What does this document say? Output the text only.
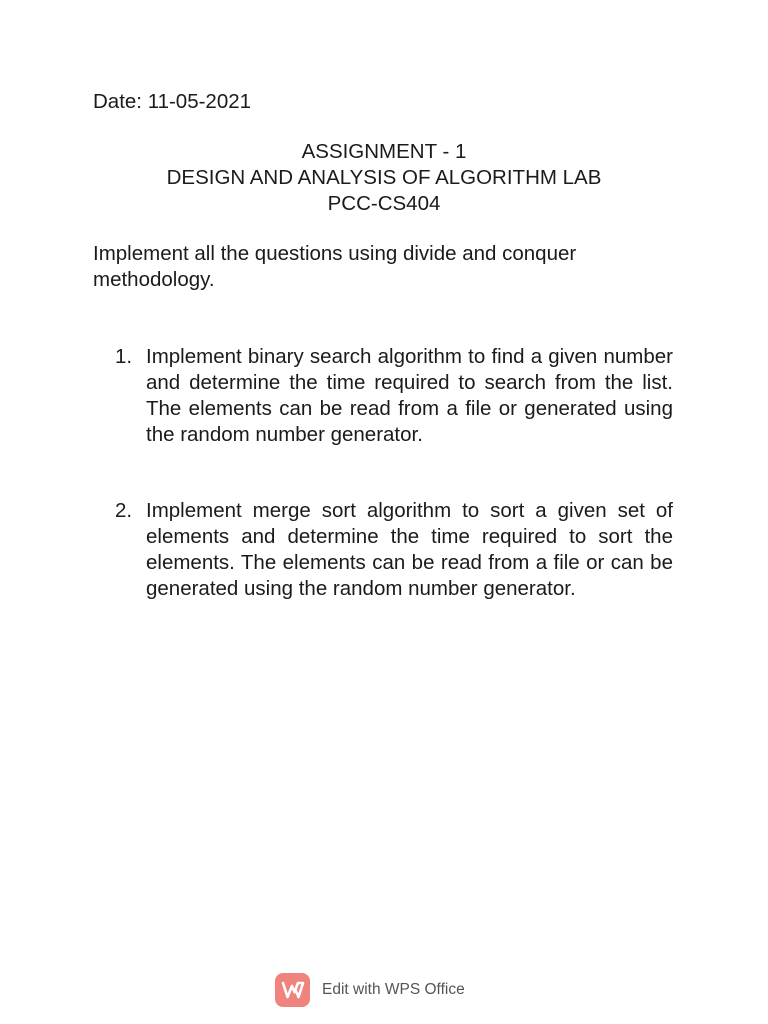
Date: 11-05-2021
ASSIGNMENT - 1
DESIGN AND ANALYSIS OF ALGORITHM LAB
PCC-CS404
Implement all the questions using divide and conquer methodology.
1. Implement binary search algorithm to find a given number and determine the time required to search from the list. The elements can be read from a file or generated using the random number generator.
2. Implement merge sort algorithm to sort a given set of elements and determine the time required to sort the elements. The elements can be read from a file or can be generated using the random number generator.
Edit with WPS Office
